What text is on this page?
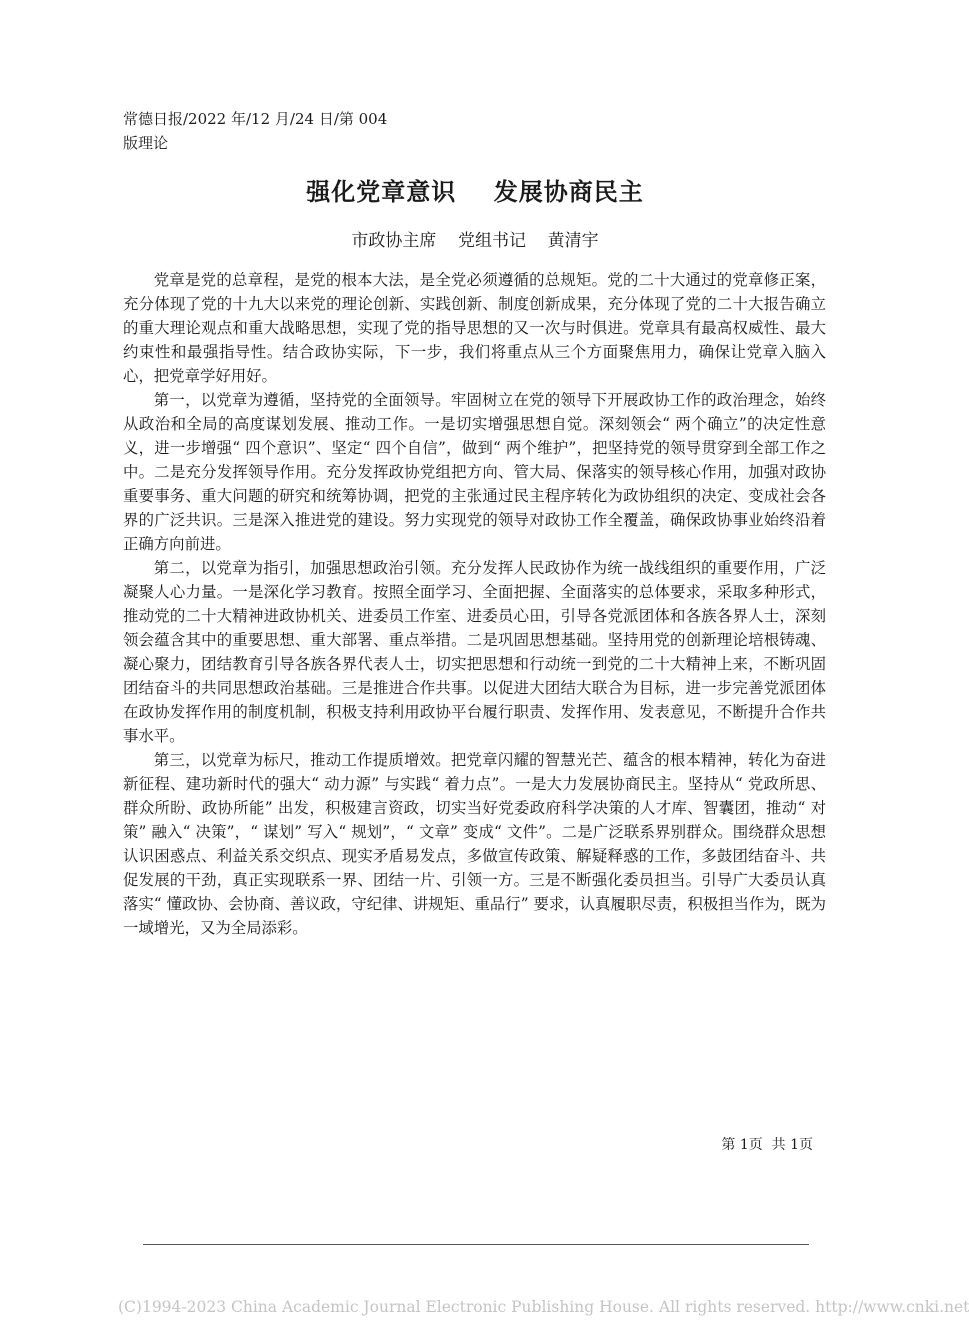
常德日报/2022 年/12 月/24 日/第 004 版理论
强化党章意识    发展协商民主
市政协主席    党组书记    黄清宇

党章是党的总章程，是党的根本大法，是全党必须遵循的总规矩。党的二十大通过的党章修正案，充分体现了党的十九大以来党的理论创新、实践创新、制度创新成果，充分体现了党的二十大报告确立的重大理论观点和重大战略思想，实现了党的指导思想的又一次与时俱进。党章具有最高权威性、最大约束性和最强指导性。结合政协实际，下一步，我们将重点从三个方面聚焦用力，确保让党章入脑入心，把党章学好用好。

第一，以党章为遵循，坚持党的全面领导。牢固树立在党的领导下开展政协工作的政治理念，始终从政治和全局的高度谋划发展、推动工作。一是切实增强思想自觉。深刻领会“ 两个确立”的决定性意义，进一步增强“ 四个意识”、坚定“ 四个自信”，做到“ 两个维护”，把坚持党的领导贯穿到全部工作之中。二是充分发挥领导作用。充分发挥政协党组把方向、管大局、保落实的领导核心作用，加强对政协重要事务、重大问题的研究和统筹协调，把党的主张通过民主程序转化为政协组织的决定、变成社会各界的广泛共识。三是深入推进党的建设。努力实现党的领导对政协工作全覆盖，确保政协事业始终沿着正确方向前进。

第二，以党章为指引，加强思想政治引领。充分发挥人民政协作为统一战线组织的重要作用，广泛凝聚人心力量。一是深化学习教育。按照全面学习、全面把握、全面落实的总体要求，采取多种形式，推动党的二十大精神进政协机关、进委员工作室、进委员心田，引导各党派团体和各族各界人士，深刻领会蕴含其中的重要思想、重大部署、重点举措。二是巩固思想基础。坚持用党的创新理论培根铸魂、凝心聚力，团结教育引导各族各界代表人士，切实把思想和行动统一到党的二十大精神上来，不断巩固团结奋斗的共同思想政治基础。三是推进合作共事。以促进大团结大联合为目标，进一步完善党派团体在政协发挥作用的制度机制，积极支持利用政协平台履行职责、发挥作用、发表意见，不断提升合作共事水平。

第三，以党章为标尺，推动工作提质增效。把党章闪耀的智慧光芒、蕴含的根本精神，转化为奋进新征程、建功新时代的强大“ 动力源” 与实践“ 着力点”。一是大力发展协商民主。坚持从“ 党政所思、群众所盼、政协所能” 出发，积极建言资政，切实当好党委政府科学决策的人才库、智囊团，推动“ 对策” 融入“ 决策”，“ 谋划” 写入“ 规划”，“ 文章” 变成“ 文件”。二是广泛联系界别群众。围绕群众思想认识困惑点、利益关系交织点、现实矛盾易发点，多做宣传政策、解疑释惑的工作，多鼓团结奋斗、共促发展的干劲，真正实现联系一界、团结一片、引领一方。三是不断强化委员担当。引导广大委员认真落实“ 懂政协、会协商、善议政，守纪律、讲规矩、重品行” 要求，认真履职尽责，积极担当作为，既为一域增光，又为全局添彩。

第 1页  共 1页
(C)1994-2023 China Academic Journal Electronic Publishing House. All rights reserved. http://www.cnki.net
